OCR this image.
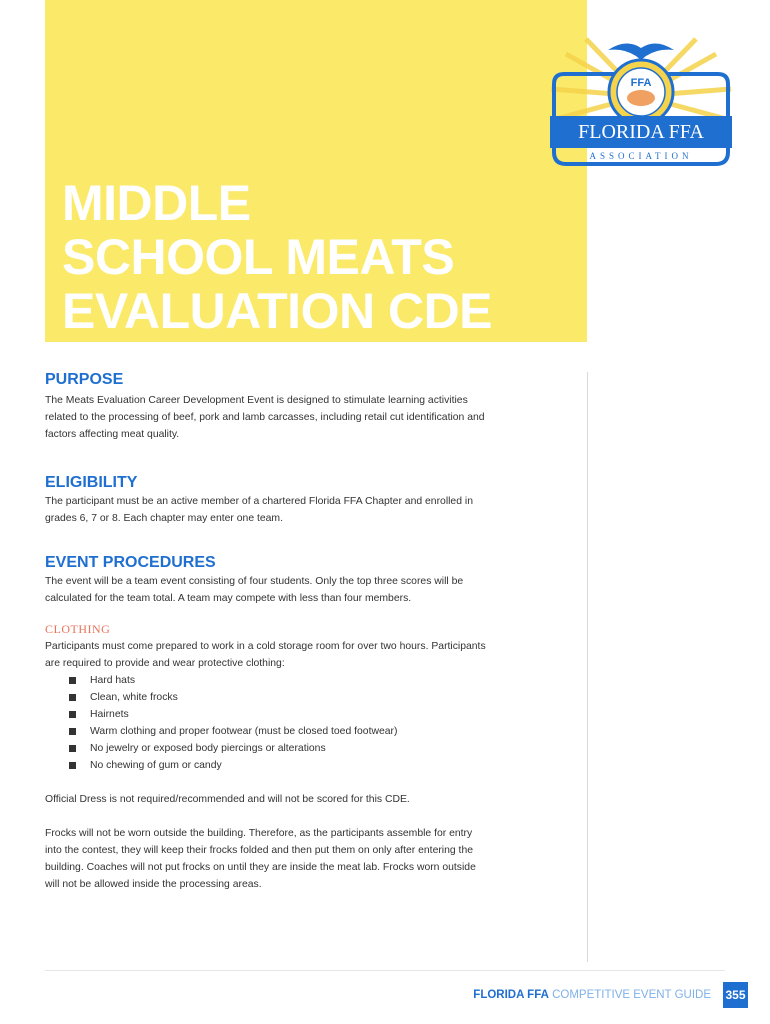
MIDDLE
SCHOOL MEATS
EVALUATION CDE
FFA
FLORIDA FFA
ASSOCIATION
PURPOSE

The Meats Evaluation Career Development Event is designed to stimulate learning activities

related to the processing of beef, pork and lamb carcasses, including retail cut identification and

factors affecting meat quality.

ELIGIBILITY

The participant must be an active member of a chartered Florida FFA Chapter and enrolled in

grades 6, 7 or 8. Each chapter may enter one team.

EVENT PROCEDURES

The event will be a team event consisting of four students. Only the top three scores will be

calculated for the team total. A team may compete with less than four members.

CLOTHING

Participants must come prepared to work in a cold storage room for over two hours. Participants

are required to provide and wear protective clothing:

Hard hats
Clean, white frocks
Hairnets
Warm clothing and proper footwear (must be closed toed footwear)
No jewelry or exposed body piercings or alterations
No chewing of gum or candy

Official Dress is not required/recommended and will not be scored for this CDE.

Frocks will not be worn outside the building. Therefore, as the participants assemble for entry

into the contest, they will keep their frocks folded and then put them on only after entering the

building. Coaches will not put frocks on until they are inside the meat lab. Frocks worn outside

will not be allowed inside the processing areas.

FLORIDA FFA COMPETITIVE EVENT GUIDE 355
